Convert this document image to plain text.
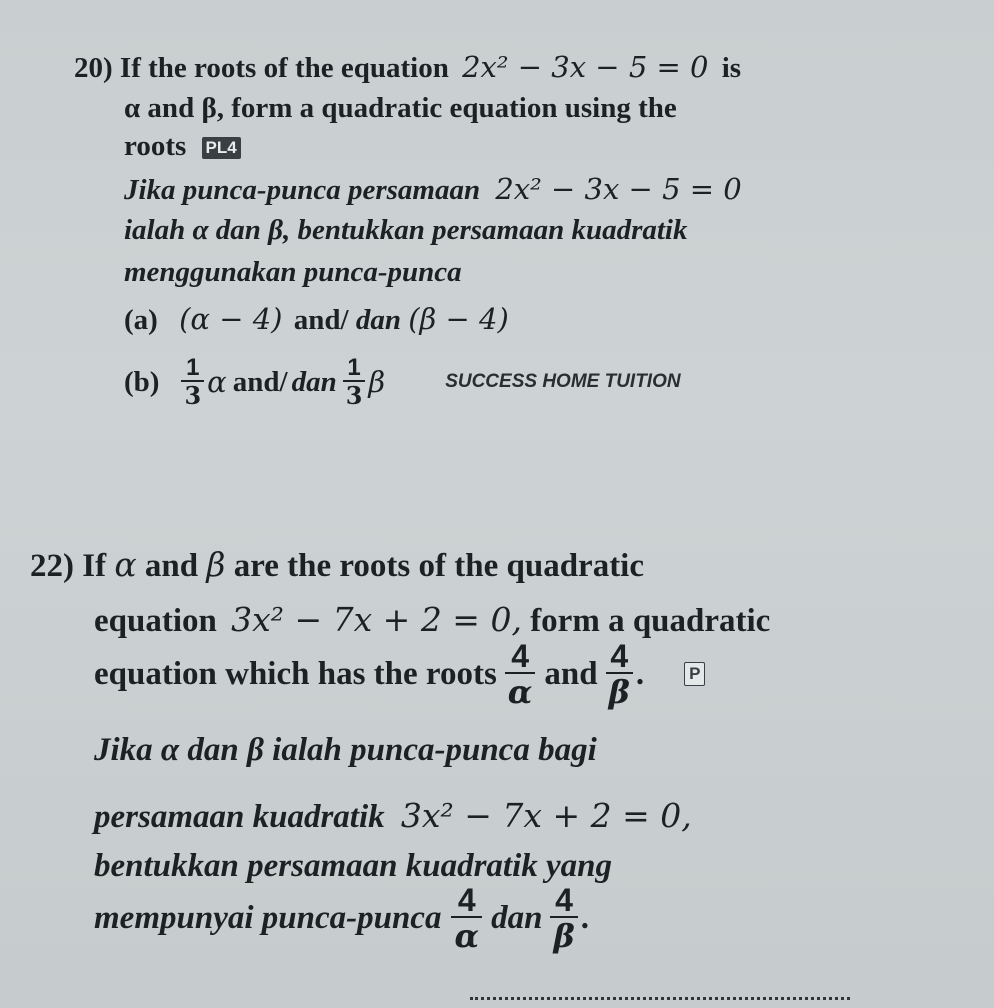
20) If the roots of the equation 2x² − 3x − 5 = 0 is
α and β, form a quadratic equation using the
roots PL4
Jika punca-punca persamaan 2x² − 3x − 5 = 0
ialah α dan β, bentukkan persamaan kuadratik
menggunakan punca-punca
(a) (α − 4) and/ dan (β − 4)
$(b) \frac{1}{3}$ α and/ dan $\frac{1}{3}$ β	SUCCESS HOME TUITION
22) If α and β are the roots of the quadratic
equation 3x² − 7x + 2 = 0, form a quadratic
equation which has the roots $\frac{4}{\alpha}$ and $\frac{4}{\beta}$ .	P
Jika α dan β ialah punca-punca bagi
persamaan kuadratik 3x² − 7x + 2 = 0,
bentukkan persamaan kuadratik yang
mempunyai punca-punca $\frac{4}{\alpha}$ dan $\frac{4}{\beta}$ .
